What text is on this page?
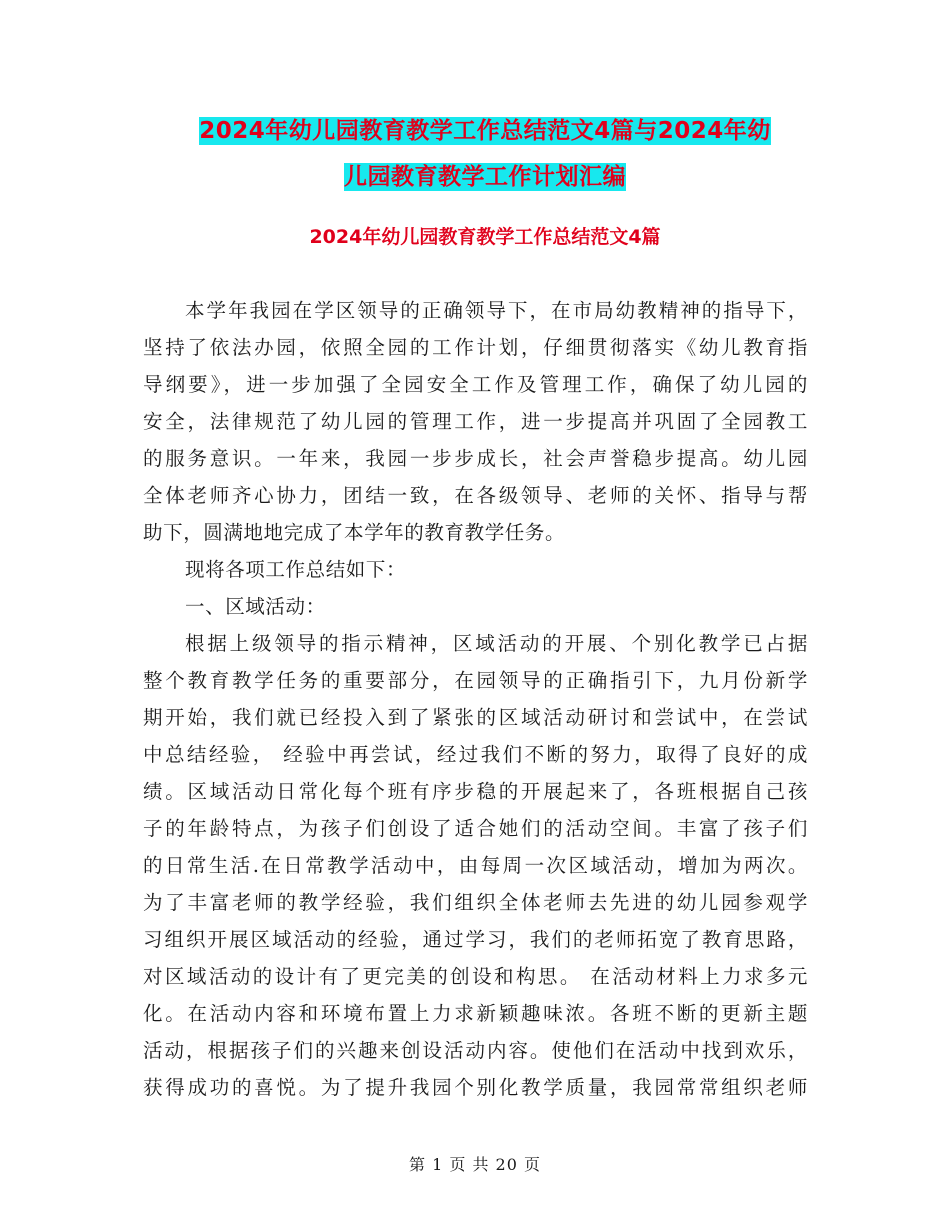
2024年幼儿园教育教学工作总结范文4篇与2024年幼
儿园教育教学工作计划汇编
2024年幼儿园教育教学工作总结范文4篇

本学年我园在学区领导的正确领导下，在市局幼教精神的指导下，
坚持了依法办园，依照全园的工作计划，仔细贯彻落实《幼儿教育指
导纲要》，进一步加强了全园安全工作及管理工作，确保了幼儿园的
安全，法律规范了幼儿园的管理工作，进一步提高并巩固了全园教工
的服务意识。一年来，我园一步步成长，社会声誉稳步提高。幼儿园
全体老师齐心协力，团结一致，在各级领导、老师的关怀、指导与帮
助下，圆满地地完成了本学年的教育教学任务。

现将各项工作总结如下：

一、区域活动：

根据上级领导的指示精神，区域活动的开展、个别化教学已占据
整个教育教学任务的重要部分，在园领导的正确指引下，九月份新学
期开始，我们就已经投入到了紧张的区域活动研讨和尝试中，在尝试
中总结经验， 经验中再尝试，经过我们不断的努力，取得了良好的成
绩。区域活动日常化每个班有序步稳的开展起来了，各班根据自己孩
子的年龄特点，为孩子们创设了适合她们的活动空间。丰富了孩子们
的日常生活.在日常教学活动中，由每周一次区域活动，增加为两次。
为了丰富老师的教学经验，我们组织全体老师去先进的幼儿园参观学
习组织开展区域活动的经验，通过学习，我们的老师拓宽了教育思路，
对区域活动的设计有了更完美的创设和构思。 在活动材料上力求多元
化。在活动内容和环境布置上力求新颖趣味浓。各班不断的更新主题
活动，根据孩子们的兴趣来创设活动内容。使他们在活动中找到欢乐，
获得成功的喜悦。为了提升我园个别化教学质量，我园常常组织老师

第 1 页 共 20 页
